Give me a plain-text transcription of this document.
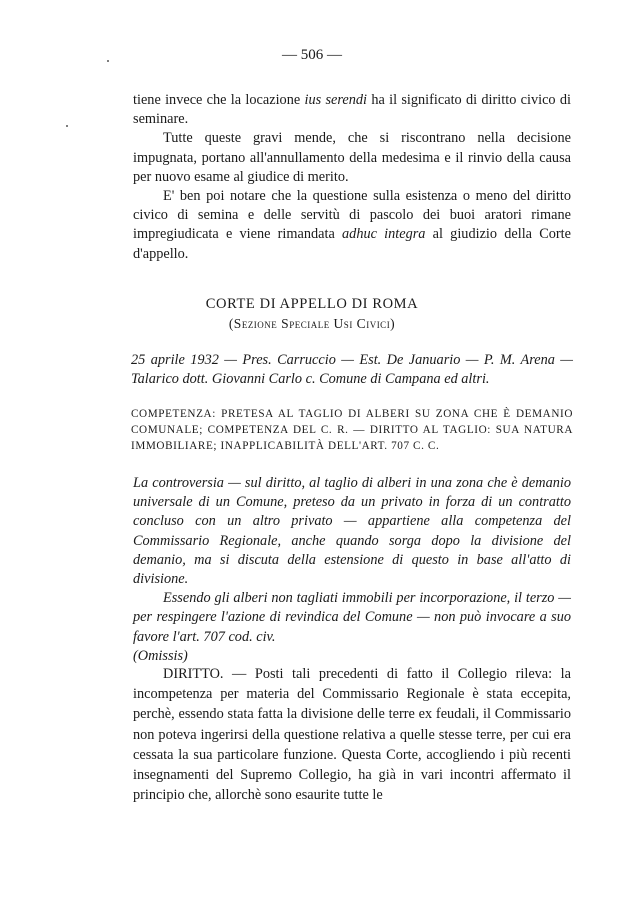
— 506 —

tiene invece che la locazione ius serendi ha il significato di diritto civico di seminare.

Tutte queste gravi mende, che si riscontrano nella decisione impugnata, portano all'annullamento della medesima e il rinvio della causa per nuovo esame al giudice di merito.

E' ben poi notare che la questione sulla esistenza o meno del diritto civico di semina e delle servitù di pascolo dei buoi aratori rimane impregiudicata e viene rimandata adhuc integra al giudizio della Corte d'appello.

CORTE DI APPELLO DI ROMA
(Sezione Speciale Usi Civici)

25 aprile 1932 — Pres. Carruccio — Est. De Januario — P. M. Arena — Talarico dott. Giovanni Carlo c. Comune di Campana ed altri.

COMPETENZA: PRETESA AL TAGLIO DI ALBERI SU ZONA CHE È DEMANIO COMUNALE; COMPETENZA DEL C. R. — DIRITTO AL TAGLIO: SUA NATURA IMMOBILIARE; INAPPLICABILITÀ DELL'ART. 707 C. C.

La controversia — sul diritto, al taglio di alberi in una zona che è demanio universale di un Comune, preteso da un privato in forza di un contratto concluso con un altro privato — appartiene alla competenza del Commissario Regionale, anche quando sorga dopo la divisione del demanio, ma si discuta della estensione di questo in base all'atto di divisione.

Essendo gli alberi non tagliati immobili per incorporazione, il terzo — per respingere l'azione di revindica del Comune — non può invocare a suo favore l'art. 707 cod. civ.

(Omissis)

DIRITTO. — Posti tali precedenti di fatto il Collegio rileva: la incompetenza per materia del Commissario Regionale è stata eccepita, perchè, essendo stata fatta la divisione delle terre ex feudali, il Commissario non poteva ingerirsi della questione relativa a quelle stesse terre, per cui era cessata la sua particolare funzione. Questa Corte, accogliendo i più recenti insegnamenti del Supremo Collegio, ha già in vari incontri affermato il principio che, allorchè sono esaurite tutte le
